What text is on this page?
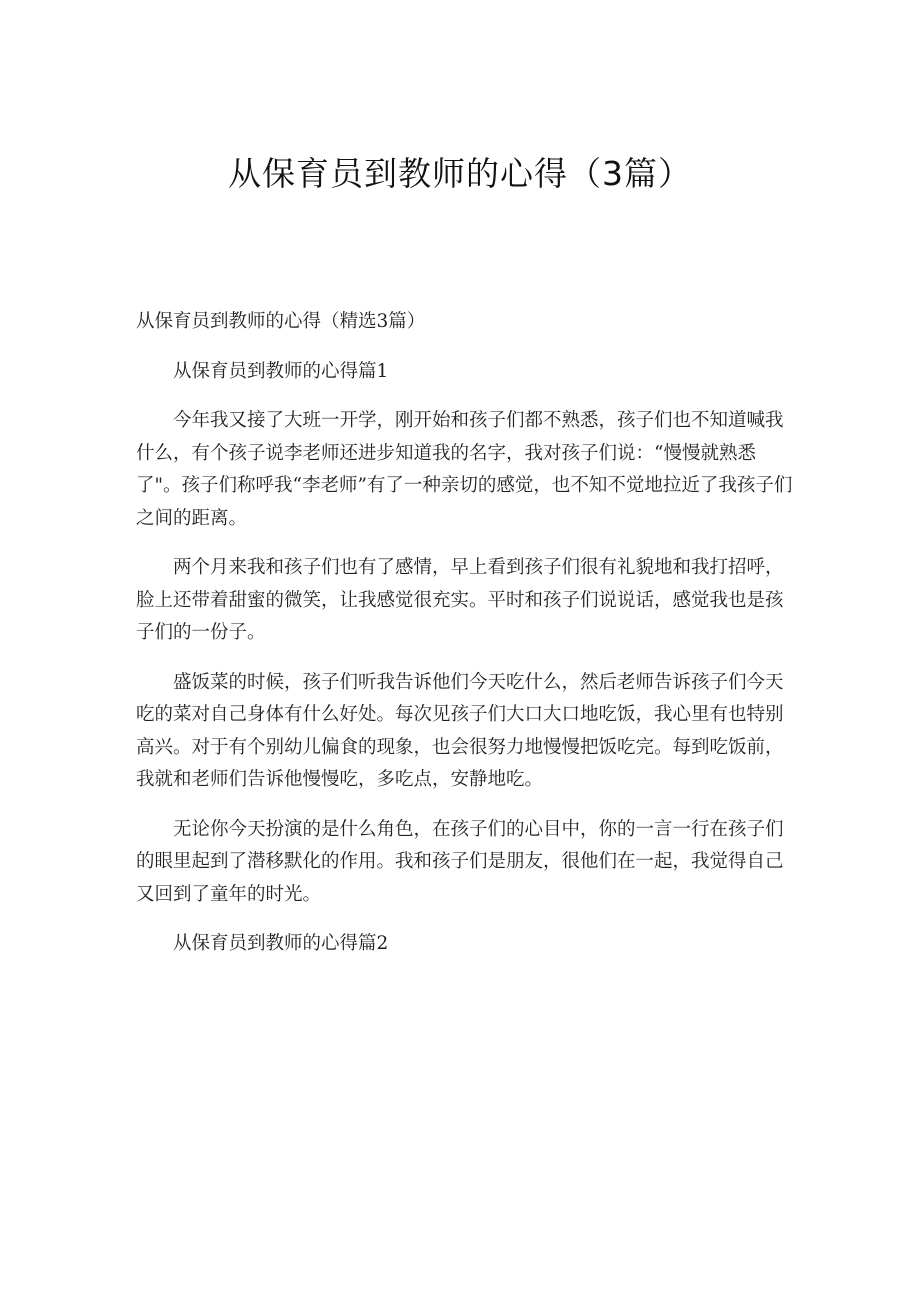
从保育员到教师的心得（3篇）

从保育员到教师的心得（精选3篇）

从保育员到教师的心得篇1

今年我又接了大班一开学，刚开始和孩子们都不熟悉，孩子们也不知道喊我什么，有个孩子说李老师还进步知道我的名字，我对孩子们说：“慢慢就熟悉了"。孩子们称呼我“李老师”有了一种亲切的感觉，也不知不觉地拉近了我孩子们之间的距离。

两个月来我和孩子们也有了感情，早上看到孩子们很有礼貌地和我打招呼，脸上还带着甜蜜的微笑，让我感觉很充实。平时和孩子们说说话，感觉我也是孩子们的一份子。

盛饭菜的时候，孩子们听我告诉他们今天吃什么，然后老师告诉孩子们今天吃的菜对自己身体有什么好处。每次见孩子们大口大口地吃饭，我心里有也特别高兴。对于有个别幼儿偏食的现象，也会很努力地慢慢把饭吃完。每到吃饭前，我就和老师们告诉他慢慢吃，多吃点，安静地吃。

无论你今天扮演的是什么角色，在孩子们的心目中，你的一言一行在孩子们的眼里起到了潜移默化的作用。我和孩子们是朋友，很他们在一起，我觉得自己又回到了童年的时光。

从保育员到教师的心得篇2
